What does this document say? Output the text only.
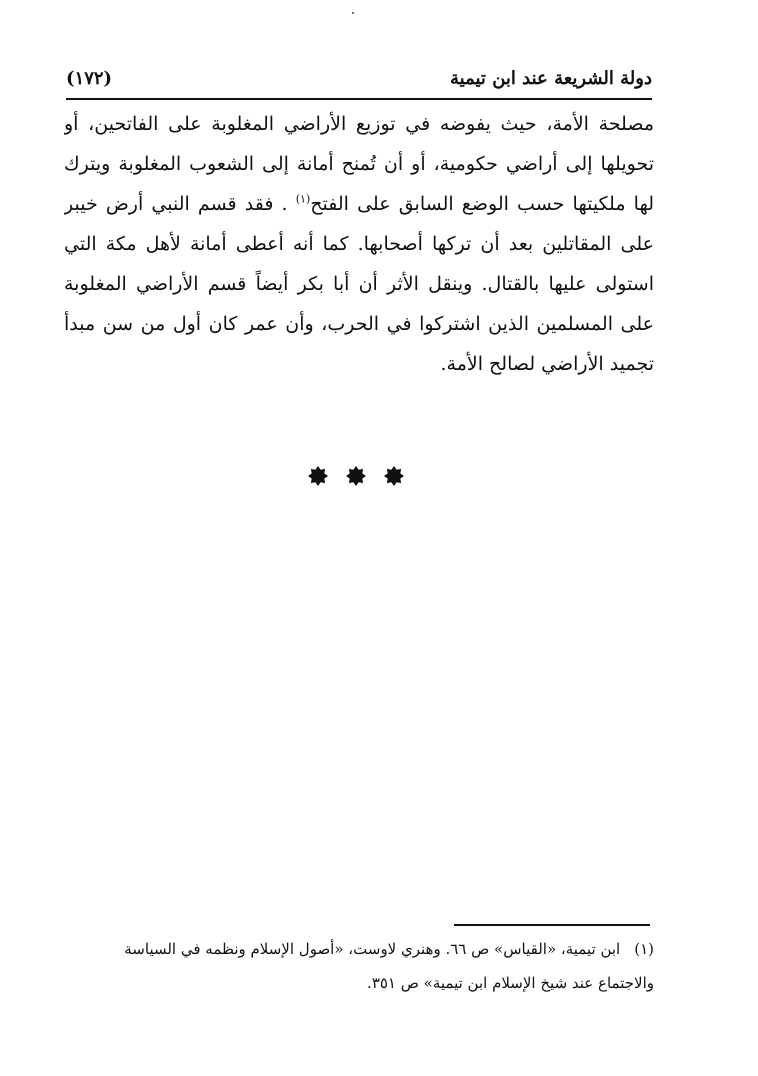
دولة الشريعة عند ابن تيمية
(١٧٢)
مصلحة الأمة، حيث يفوضه في توزيع الأراضي المغلوبة على الفاتحين، أو
تحويلها إلى أراضي حكومية، أو أن تُمنح أمانة إلى الشعوب المغلوبة ويترك
لها ملكيتها حسب الوضع السابق على الفتح$^{(١)}$ . فقد قسم النبي أرض خيبر
على المقاتلين بعد أن تركها أصحابها. كما أنه أعطى أمانة لأهل مكة التي
استولى عليها بالقتال. وينقل الأثر أن أبا بكر أيضاً قسم الأراضي المغلوبة
على المسلمين الذين اشتركوا في الحرب، وأن عمر كان أول من سن مبدأ
تجميد الأراضي لصالح الأمة.
(١)ابن تيمية، «القياس» ص ٦٦. وهنري لاوست، «أصول الإسلام ونظمه في السياسة
والاجتماع عند شيخ الإسلام ابن تيمية» ص ٣٥١.
